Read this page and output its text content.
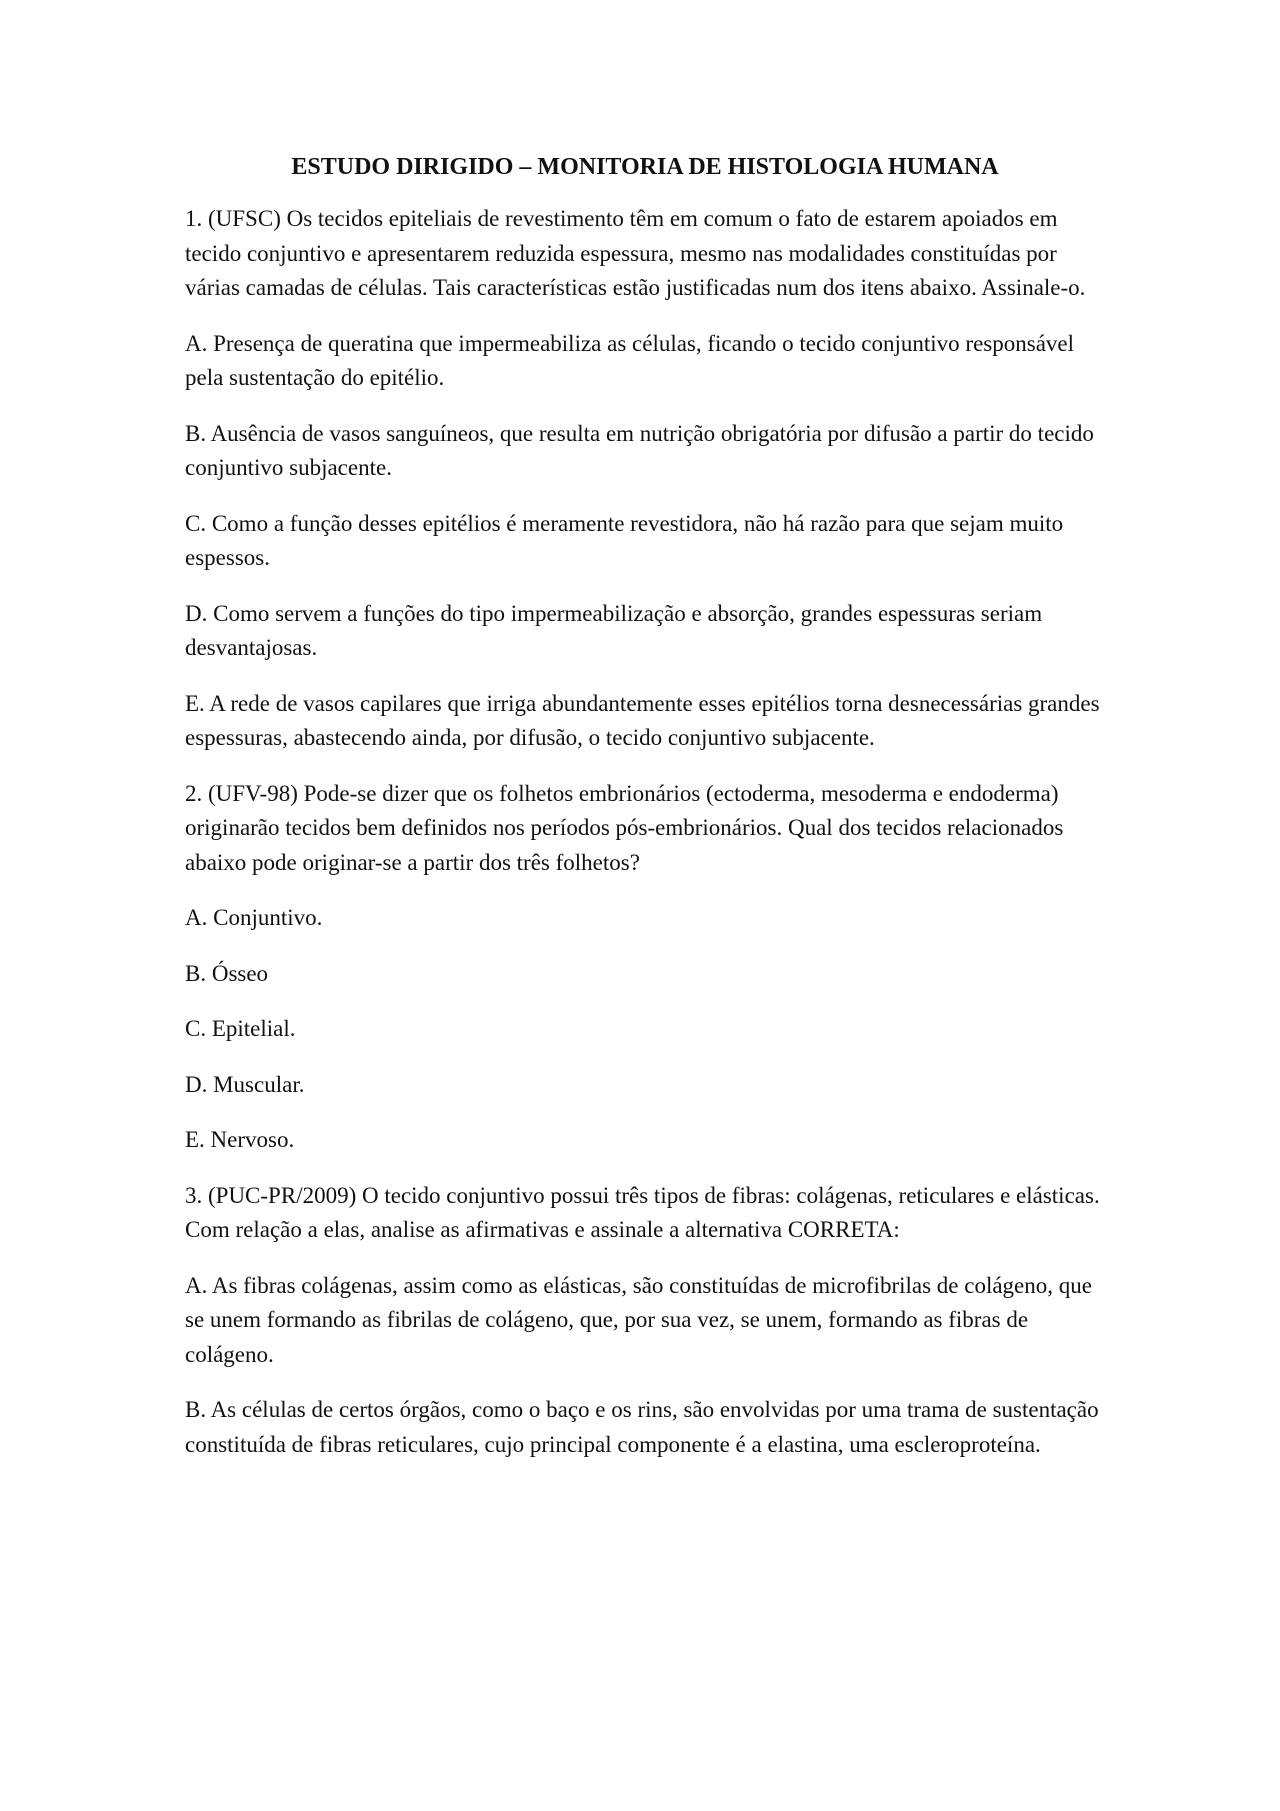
ESTUDO DIRIGIDO – MONITORIA DE HISTOLOGIA HUMANA

1. (UFSC) Os tecidos epiteliais de revestimento têm em comum o fato de estarem apoiados em tecido conjuntivo e apresentarem reduzida espessura, mesmo nas modalidades constituídas por várias camadas de células. Tais características estão justificadas num dos itens abaixo. Assinale-o.

A. Presença de queratina que impermeabiliza as células, ficando o tecido conjuntivo responsável pela sustentação do epitélio.

B. Ausência de vasos sanguíneos, que resulta em nutrição obrigatória por difusão a partir do tecido conjuntivo subjacente.

C. Como a função desses epitélios é meramente revestidora, não há razão para que sejam muito espessos.

D. Como servem a funções do tipo impermeabilização e absorção, grandes espessuras seriam desvantajosas.

E. A rede de vasos capilares que irriga abundantemente esses epitélios torna desnecessárias grandes espessuras, abastecendo ainda, por difusão, o tecido conjuntivo subjacente.

2. (UFV-98) Pode-se dizer que os folhetos embrionários (ectoderma, mesoderma e endoderma) originarão tecidos bem definidos nos períodos pós-embrionários. Qual dos tecidos relacionados abaixo pode originar-se a partir dos três folhetos?

A. Conjuntivo.

B. Ósseo

C. Epitelial.

D. Muscular.

E. Nervoso.

3. (PUC-PR/2009) O tecido conjuntivo possui três tipos de fibras: colágenas, reticulares e elásticas. Com relação a elas, analise as afirmativas e assinale a alternativa CORRETA:

A. As fibras colágenas, assim como as elásticas, são constituídas de microfibrilas de colágeno, que se unem formando as fibrilas de colágeno, que, por sua vez, se unem, formando as fibras de colágeno.

B. As células de certos órgãos, como o baço e os rins, são envolvidas por uma trama de sustentação constituída de fibras reticulares, cujo principal componente é a elastina, uma escleroproteína.
